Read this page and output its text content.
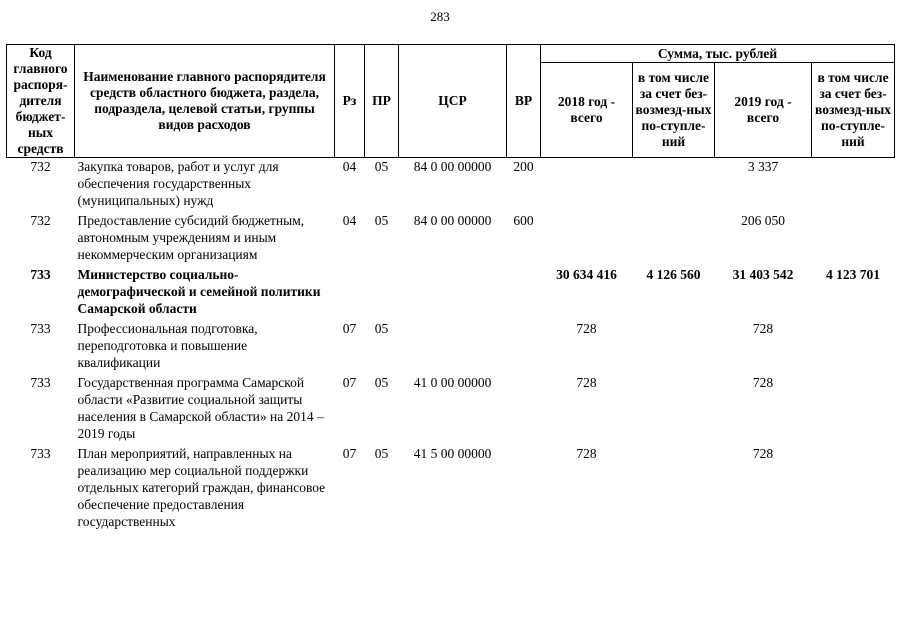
283
Код главного распоря-дителя бюджет-ных средств	Наименование главного распорядителя средств областного бюджета, раздела, подраздела, целевой статьи, группы видов расходов	Рз	ПР	ЦСР	ВР	Сумма, тыс. рублей			
						2018 год - всего	в том числе за счет без-возмезд-ных по-ступле-ний	2019 год - всего	в том числе за счет без-возмезд-ных по-ступле-ний
732	Закупка товаров, работ и услуг для обеспечения государственных (муниципальных) нужд	04	05	84 0 00 00000	200			3 337	
732	Предоставление субсидий бюджетным, автономным учреждениям и иным некоммерческим организациям	04	05	84 0 00 00000	600			206 050	
733	Министерство социально-демографической и семейной политики Самарской области					30 634 416	4 126 560	31 403 542	4 123 701
733	Профессиональная подготовка, переподготовка и повышение квалификации	07	05			728		728	
733	Государственная программа Самарской области «Развитие социальной защиты населения в Самарской области» на 2014 – 2019 годы	07	05	41 0 00 00000		728		728	
733	План мероприятий, направленных на реализацию мер социальной поддержки отдельных категорий граждан, финансовое обеспечение предоставления государственных	07	05	41 5 00 00000		728		728	
